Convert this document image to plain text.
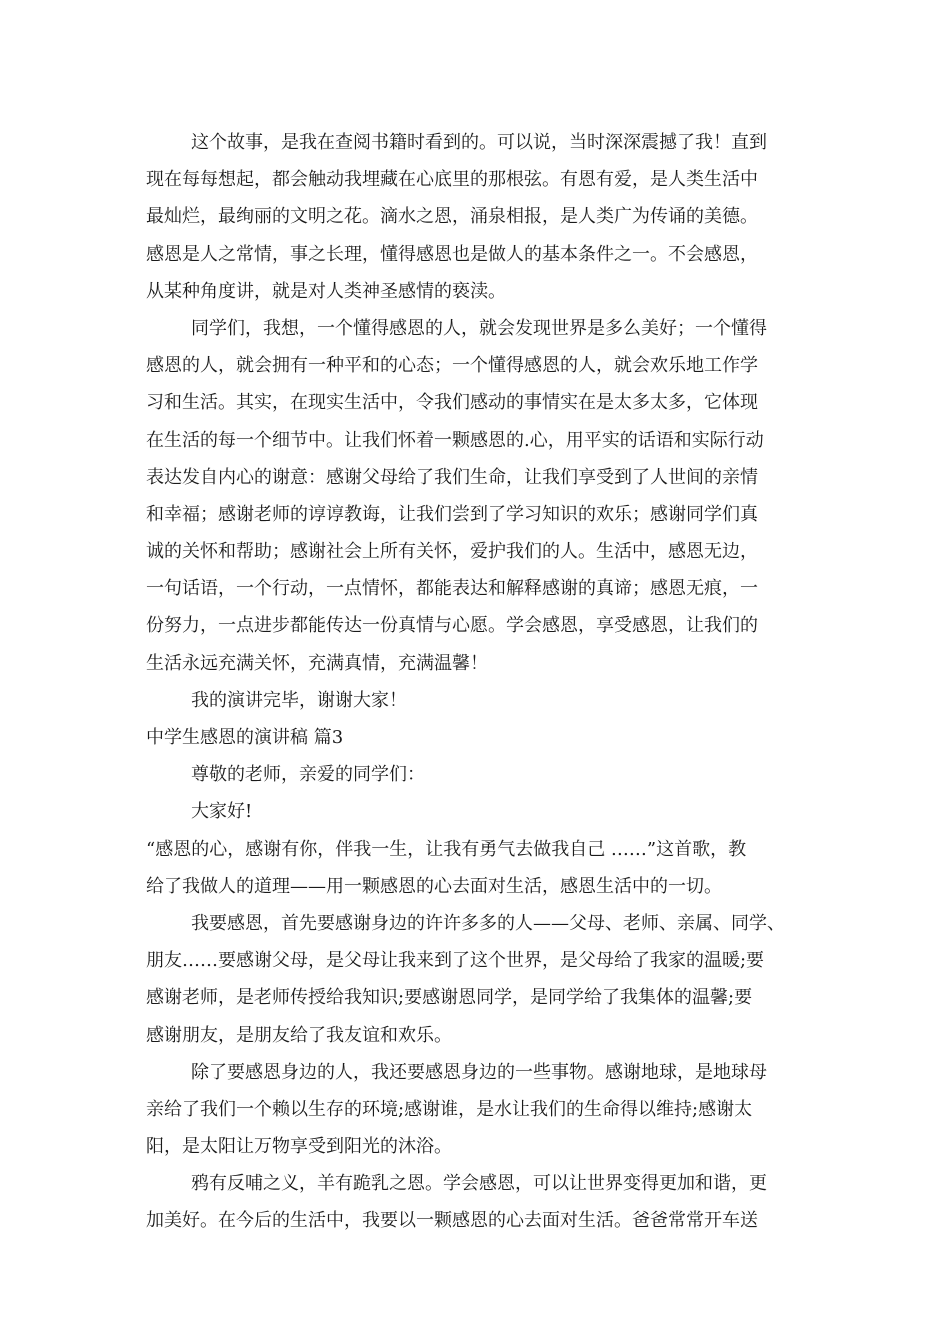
这个故事，是我在查阅书籍时看到的。可以说，当时深深震撼了我！直到
现在每每想起，都会触动我埋藏在心底里的那根弦。有恩有爱，是人类生活中
最灿烂，最绚丽的文明之花。滴水之恩，涌泉相报，是人类广为传诵的美德。
感恩是人之常情，事之长理，懂得感恩也是做人的基本条件之一。不会感恩，
从某种角度讲，就是对人类神圣感情的亵渎。
同学们，我想，一个懂得感恩的人，就会发现世界是多么美好；一个懂得
感恩的人，就会拥有一种平和的心态；一个懂得感恩的人，就会欢乐地工作学
习和生活。其实，在现实生活中，令我们感动的事情实在是太多太多，它体现
在生活的每一个细节中。让我们怀着一颗感恩的.心，用平实的话语和实际行动
表达发自内心的谢意：感谢父母给了我们生命，让我们享受到了人世间的亲情
和幸福；感谢老师的谆谆教诲，让我们尝到了学习知识的欢乐；感谢同学们真
诚的关怀和帮助；感谢社会上所有关怀，爱护我们的人。生活中，感恩无边，
一句话语，一个行动，一点情怀，都能表达和解释感谢的真谛；感恩无痕，一
份努力，一点进步都能传达一份真情与心愿。学会感恩，享受感恩，让我们的
生活永远充满关怀，充满真情，充满温馨！
我的演讲完毕，谢谢大家！
中学生感恩的演讲稿 篇3
尊敬的老师，亲爱的同学们：
大家好!
“感恩的心，感谢有你，伴我一生，让我有勇气去做我自己 ……”这首歌，教
给了我做人的道理——用一颗感恩的心去面对生活，感恩生活中的一切。
我要感恩，首先要感谢身边的许许多多的人——父母、老师、亲属、同学、
朋友……要感谢父母，是父母让我来到了这个世界，是父母给了我家的温暖;要
感谢老师，是老师传授给我知识;要感谢恩同学，是同学给了我集体的温馨;要
感谢朋友，是朋友给了我友谊和欢乐。
除了要感恩身边的人，我还要感恩身边的一些事物。感谢地球，是地球母
亲给了我们一个赖以生存的环境;感谢谁，是水让我们的生命得以维持;感谢太
阳，是太阳让万物享受到阳光的沐浴。
鸦有反哺之义，羊有跪乳之恩。学会感恩，可以让世界变得更加和谐，更
加美好。在今后的生活中，我要以一颗感恩的心去面对生活。爸爸常常开车送
